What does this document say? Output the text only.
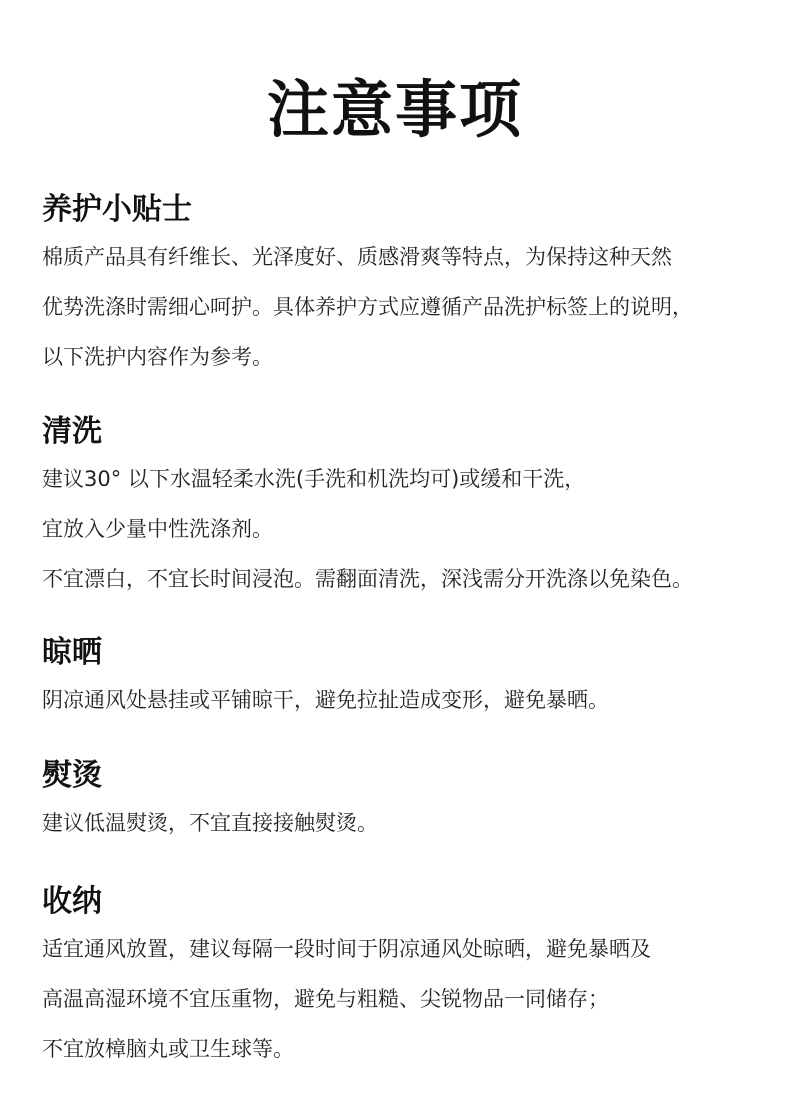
注意事项
养护小贴士
棉质产品具有纤维长、光泽度好、质感滑爽等特点，为保持这种天然
优势洗涤时需细心呵护。具体养护方式应遵循产品洗护标签上的说明，
以下洗护内容作为参考。
清洗
建议30° 以下水温轻柔水洗(手洗和机洗均可)或缓和干洗，
宜放入少量中性洗涤剂。
不宜漂白，不宜长时间浸泡。需翻面清洗，深浅需分开洗涤以免染色。
晾晒
阴凉通风处悬挂或平铺晾干，避免拉扯造成变形，避免暴晒。
熨烫
建议低温熨烫，不宜直接接触熨烫。
收纳
适宜通风放置，建议每隔一段时间于阴凉通风处晾晒，避免暴晒及
高温高湿环境不宜压重物，避免与粗糙、尖锐物品一同储存；
不宜放樟脑丸或卫生球等。
